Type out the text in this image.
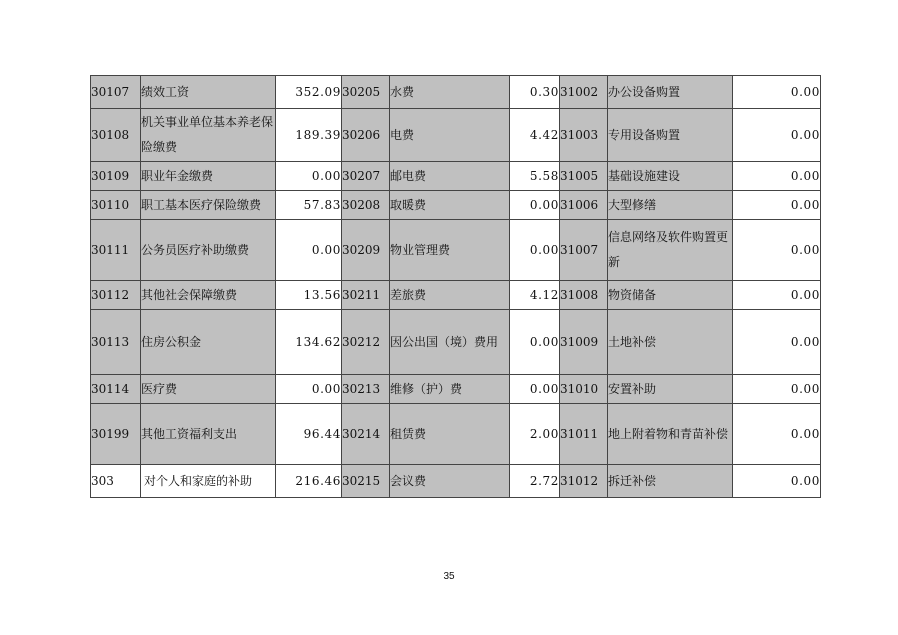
30107	绩效工资	352.09	30205	水费	0.30	31002	办公设备购置	0.00
30108	机关事业单位基本养老保险缴费	189.39	30206	电费	4.42	31003	专用设备购置	0.00
30109	职业年金缴费	0.00	30207	邮电费	5.58	31005	基础设施建设	0.00
30110	职工基本医疗保险缴费	57.83	30208	取暖费	0.00	31006	大型修缮	0.00
30111	公务员医疗补助缴费	0.00	30209	物业管理费	0.00	31007	信息网络及软件购置更新	0.00
30112	其他社会保障缴费	13.56	30211	差旅费	4.12	31008	物资储备	0.00
30113	住房公积金	134.62	30212	因公出国（境）费用	0.00	31009	土地补偿	0.00
30114	医疗费	0.00	30213	维修（护）费	0.00	31010	安置补助	0.00
30199	其他工资福利支出	96.44	30214	租赁费	2.00	31011	地上附着物和青苗补偿	0.00
303	对个人和家庭的补助	216.46	30215	会议费	2.72	31012	拆迁补偿	0.00
35
